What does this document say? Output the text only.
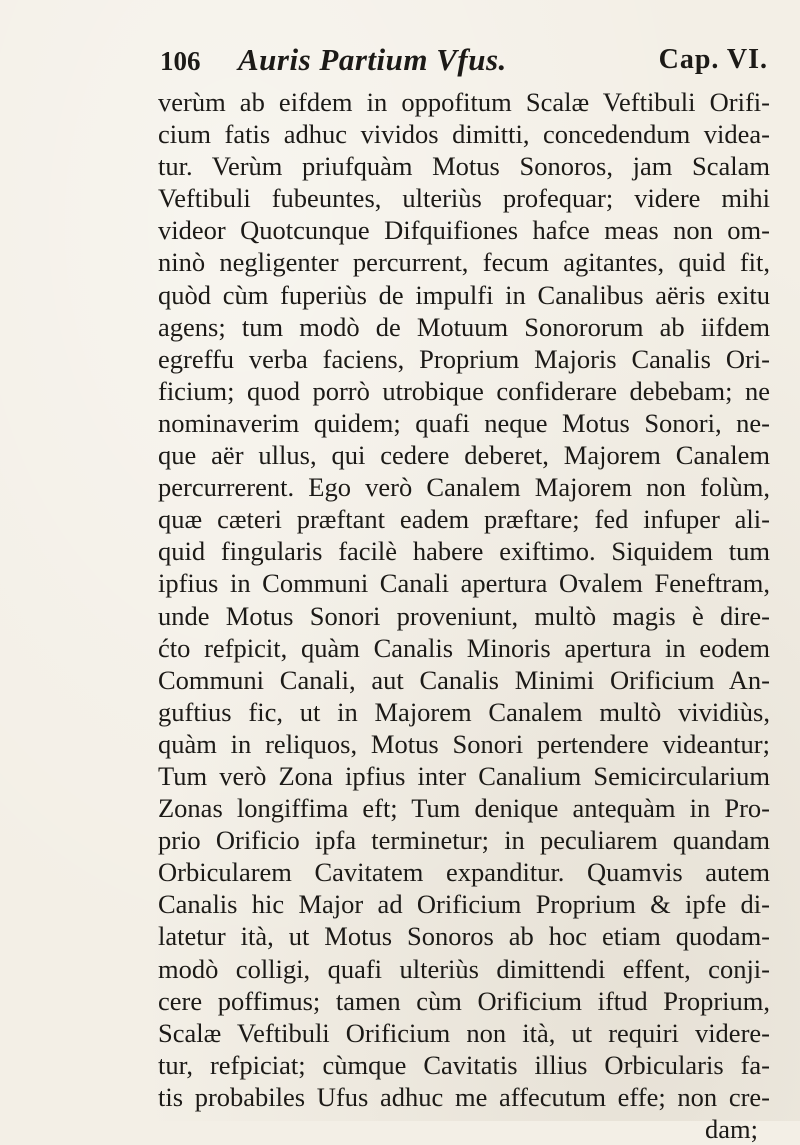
106 Auris Partium Vfus.	Cap. VI.
verùm ab eifdem in oppofitum Scalæ Veftibuli Orifi-
cium fatis adhuc vividos dimitti, concedendum videa-
tur. Verùm priufquàm Motus Sonoros, jam Scalam
Veftibuli fubeuntes, ulteriùs profequar; videre mihi
videor Quotcunque Difquifiones hafce meas non om-
ninò negligenter percurrent, fecum agitantes, quid fit,
quòd cùm fuperiùs de impulfi in Canalibus aëris exitu
agens; tum modò de Motuum Sonororum ab iifdem
egreffu verba faciens, Proprium Majoris Canalis Ori-
ficium; quod porrò utrobique confiderare debebam; ne
nominaverim quidem; quafi neque Motus Sonori, ne-
que aër ullus, qui cedere deberet, Majorem Canalem
percurrerent. Ego verò Canalem Majorem non folùm,
quæ cæteri præftant eadem præftare; fed infuper ali-
quid fingularis facilè habere exiftimo. Siquidem tum
ipfius in Communi Canali apertura Ovalem Feneftram,
unde Motus Sonori proveniunt, multò magis è dire-
ćto refpicit, quàm Canalis Minoris apertura in eodem
Communi Canali, aut Canalis Minimi Orificium An-
guftius fic, ut in Majorem Canalem multò vividiùs,
quàm in reliquos, Motus Sonori pertendere videantur;
Tum verò Zona ipfius inter Canalium Semicircularium
Zonas longiffima eft; Tum denique antequàm in Pro-
prio Orificio ipfa terminetur; in peculiarem quandam
Orbicularem Cavitatem expanditur. Quamvis autem
Canalis hic Major ad Orificium Proprium & ipfe di-
latetur ità, ut Motus Sonoros ab hoc etiam quodam-
modò colligi, quafi ulteriùs dimittendi effent, conji-
cere poffimus; tamen cùm Orificium iftud Proprium,
Scalæ Veftibuli Orificium non ità, ut requiri videre-
tur, refpiciat; cùmque Cavitatis illius Orbicularis fa-
tis probabiles Ufus adhuc me affecutum effe; non cre-
dam;
